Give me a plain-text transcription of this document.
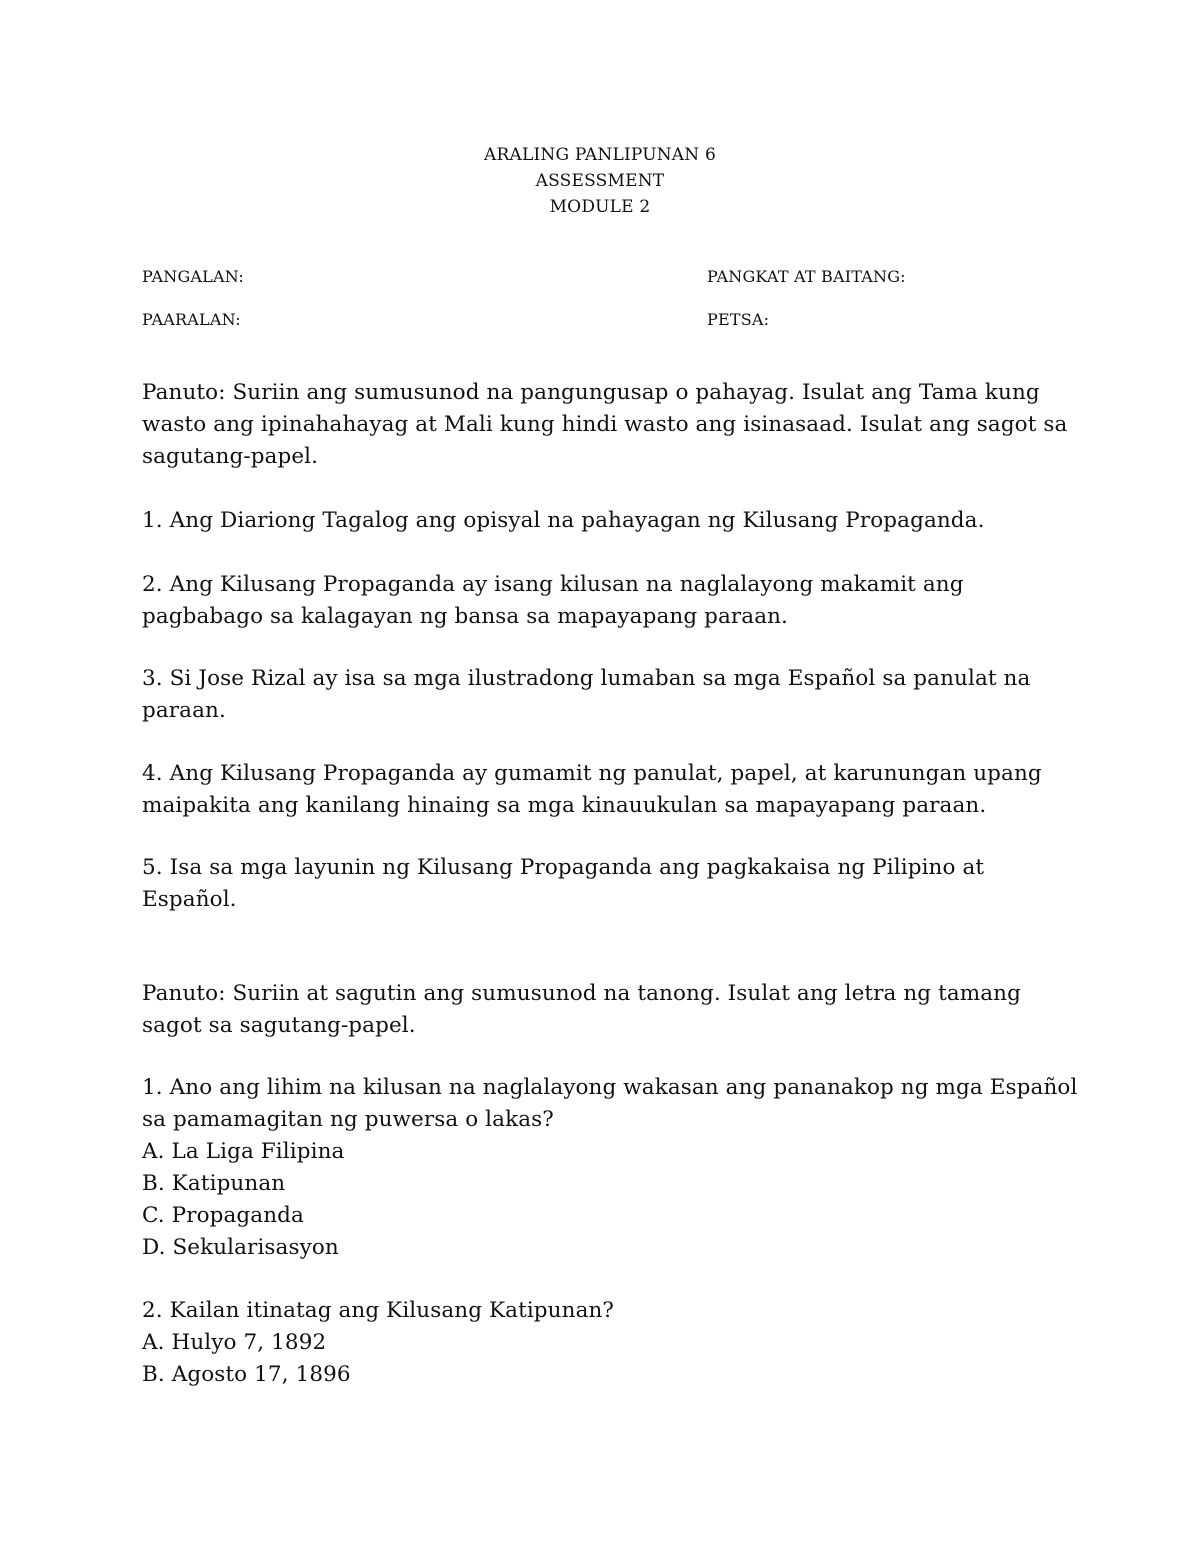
ARALING PANLIPUNAN 6
ASSESSMENT
MODULE 2
PANGALAN:	PANGKAT AT BAITANG:
PAARALAN:	PETSA:
Panuto: Suriin ang sumusunod na pangungusap o pahayag. Isulat ang Tama kung wasto ang ipinahahayag at Mali kung hindi wasto ang isinasaad. Isulat ang sagot sa sagutang-papel.
1. Ang Diariong Tagalog ang opisyal na pahayagan ng Kilusang Propaganda.
2. Ang Kilusang Propaganda ay isang kilusan na naglalayong makamit ang pagbabago sa kalagayan ng bansa sa mapayapang paraan.
3. Si Jose Rizal ay isa sa mga ilustradong lumaban sa mga Español sa panulat na paraan.
4. Ang Kilusang Propaganda ay gumamit ng panulat, papel, at karunungan upang maipakita ang kanilang hinaing sa mga kinauukulan sa mapayapang paraan.
5. Isa sa mga layunin ng Kilusang Propaganda ang pagkakaisa ng Pilipino at Español.
Panuto: Suriin at sagutin ang sumusunod na tanong. Isulat ang letra ng tamang sagot sa sagutang-papel.
1. Ano ang lihim na kilusan na naglalayong wakasan ang pananakop ng mga Español sa pamamagitan ng puwersa o lakas?
A. La Liga Filipina
B. Katipunan
C. Propaganda
D. Sekularisasyon
2. Kailan itinatag ang Kilusang Katipunan?
A. Hulyo 7, 1892
B. Agosto 17, 1896
